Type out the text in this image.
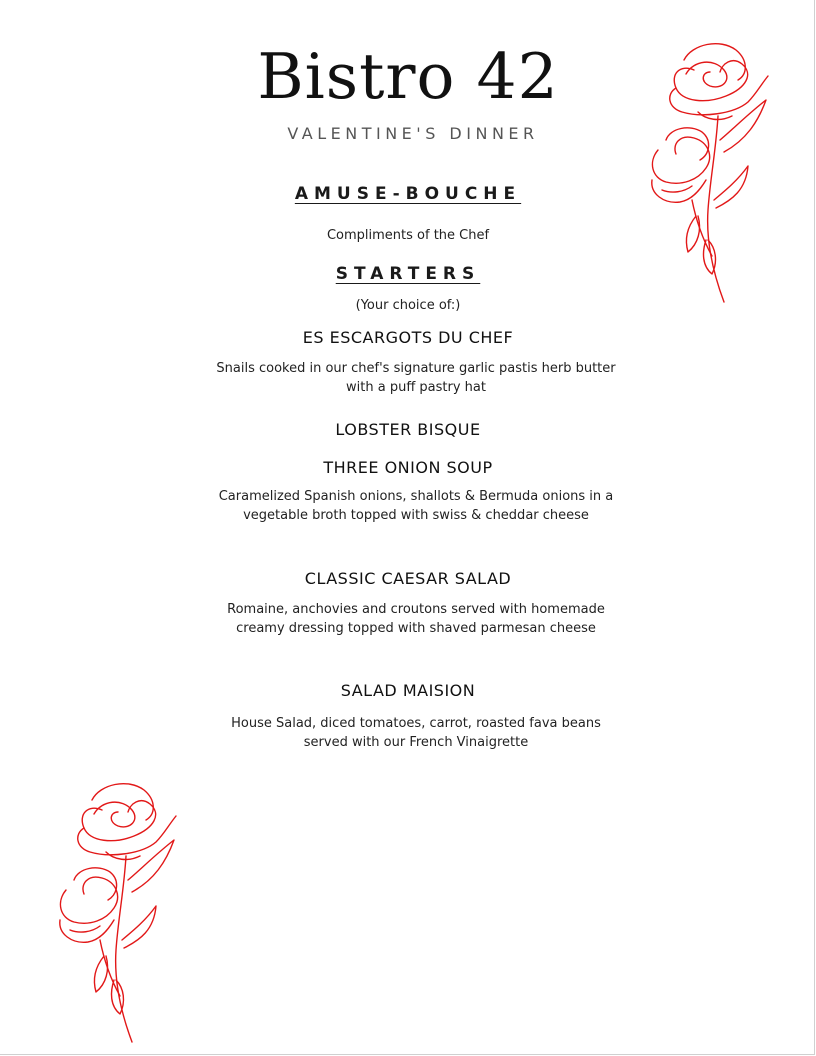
Bistro 42
VALENTINE'S DINNER
AMUSE-BOUCHE
Compliments of the Chef
STARTERS
(Your choice of:)
ES ESCARGOTS DU CHEF
Snails cooked in our chef's signature garlic pastis herb butter with a puff pastry hat
LOBSTER BISQUE
THREE ONION SOUP
Caramelized Spanish onions, shallots & Bermuda onions in a vegetable broth topped with swiss & cheddar cheese
CLASSIC CAESAR SALAD
Romaine, anchovies and croutons served with homemade creamy dressing topped with shaved parmesan cheese
SALAD MAISION
House Salad, diced tomatoes, carrot, roasted fava beans served with our French Vinaigrette
